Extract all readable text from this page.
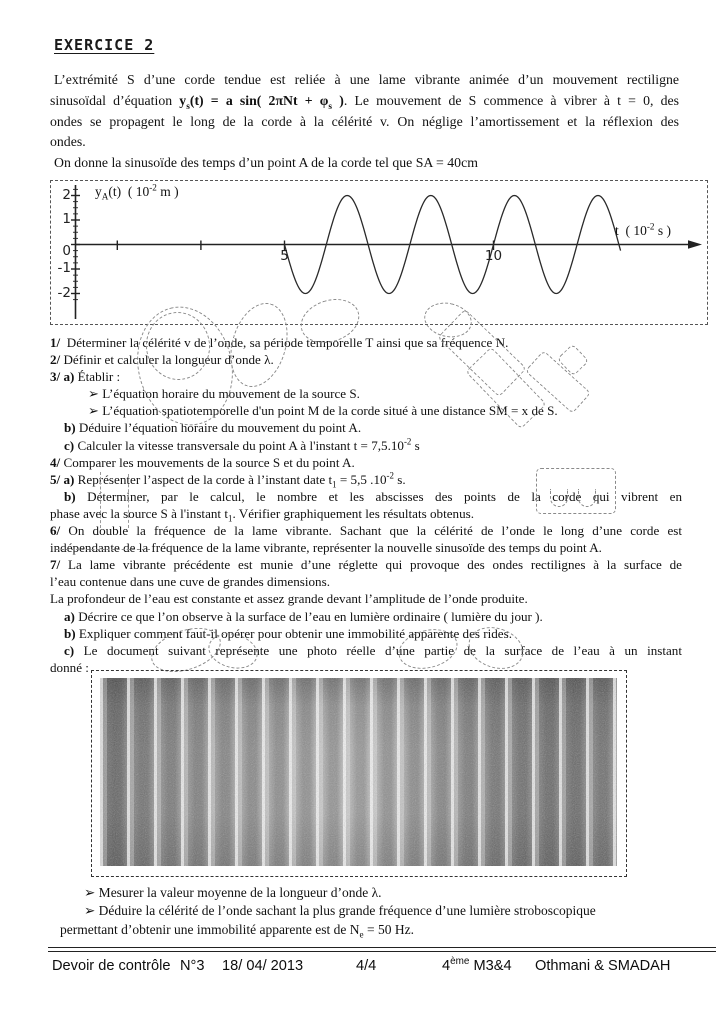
EXERCICE 2
L’extrémité S d’une corde tendue est reliée à une lame vibrante animée d’un mouvement rectiligne
sinusoïdal d’équation $y_s(t) = a$ sin( $2\pi Nt + \varphi_s$ ). Le mouvement de S commence à vibrer à t = 0, des
ondes se propagent le long de la corde à la célérité v. On néglige l’amortissement et la réflexion des
ondes.
On donne la sinusoïde des temps d’un point A de la corde tel que SA = 40cm
$y_A(t)$  ( $10^{-2}$ m )
t  ( $10^{-2}$ s )
-2
-1
0
1
2
5	10
1/  Déterminer la célérité v de l’onde, sa période temporelle T ainsi que sa fréquence N.
2/ Définir et calculer la longueur d’onde λ.
3/ a) Établir :
➢ L’équation horaire du mouvement de la source S.
➢ L’équation spatiotemporelle d'un point M de la corde situé à une distance SM = x de S.
b) Déduire l’équation horaire du mouvement du point A.
c) Calculer la vitesse transversale du point A à l'instant $t = 7,5.10^{-2}$ s
4/ Comparer les mouvements de la source S et du point A.
5/ a) Représenter l’aspect de la corde à l’instant date $t_1 = 5,5$ $.10^{-2}$ s.
b) Déterminer, par le calcul, le nombre et les abscisses des points de la corde qui vibrent en
phase avec la source S à l'instant $t_1$. Vérifier graphiquement les résultats obtenus.
6/ On double la fréquence de la lame vibrante. Sachant que la célérité de l’onde le long d’une corde est
indépendante de la fréquence de la lame vibrante, représenter la nouvelle sinusoïde des temps du point A.
7/ La lame vibrante précédente est munie d’une réglette qui provoque des ondes rectilignes à la surface de
l’eau contenue dans une cuve de grandes dimensions.
La profondeur de l’eau est constante et assez grande devant l’amplitude de l’onde produite.
a) Décrire ce que l’on observe à la surface de l’eau en lumière ordinaire ( lumière du jour ).
b) Expliquer comment faut-il opérer pour obtenir une immobilité apparente des rides.
c) Le document suivant représente une photo réelle d’une partie de la surface de l’eau à un instant
donné :
➢ Mesurer la valeur moyenne de la longueur d’onde λ.
➢ Déduire la célérité de l’onde sachant la plus grande fréquence d’une lumière stroboscopique
permettant d’obtenir une immobilité apparente est de $N_e = 50$ Hz.
Devoir de contrôle N°3 18/ 04/ 2013	4/4	4ème M3&4 Othmani & SMADAH
